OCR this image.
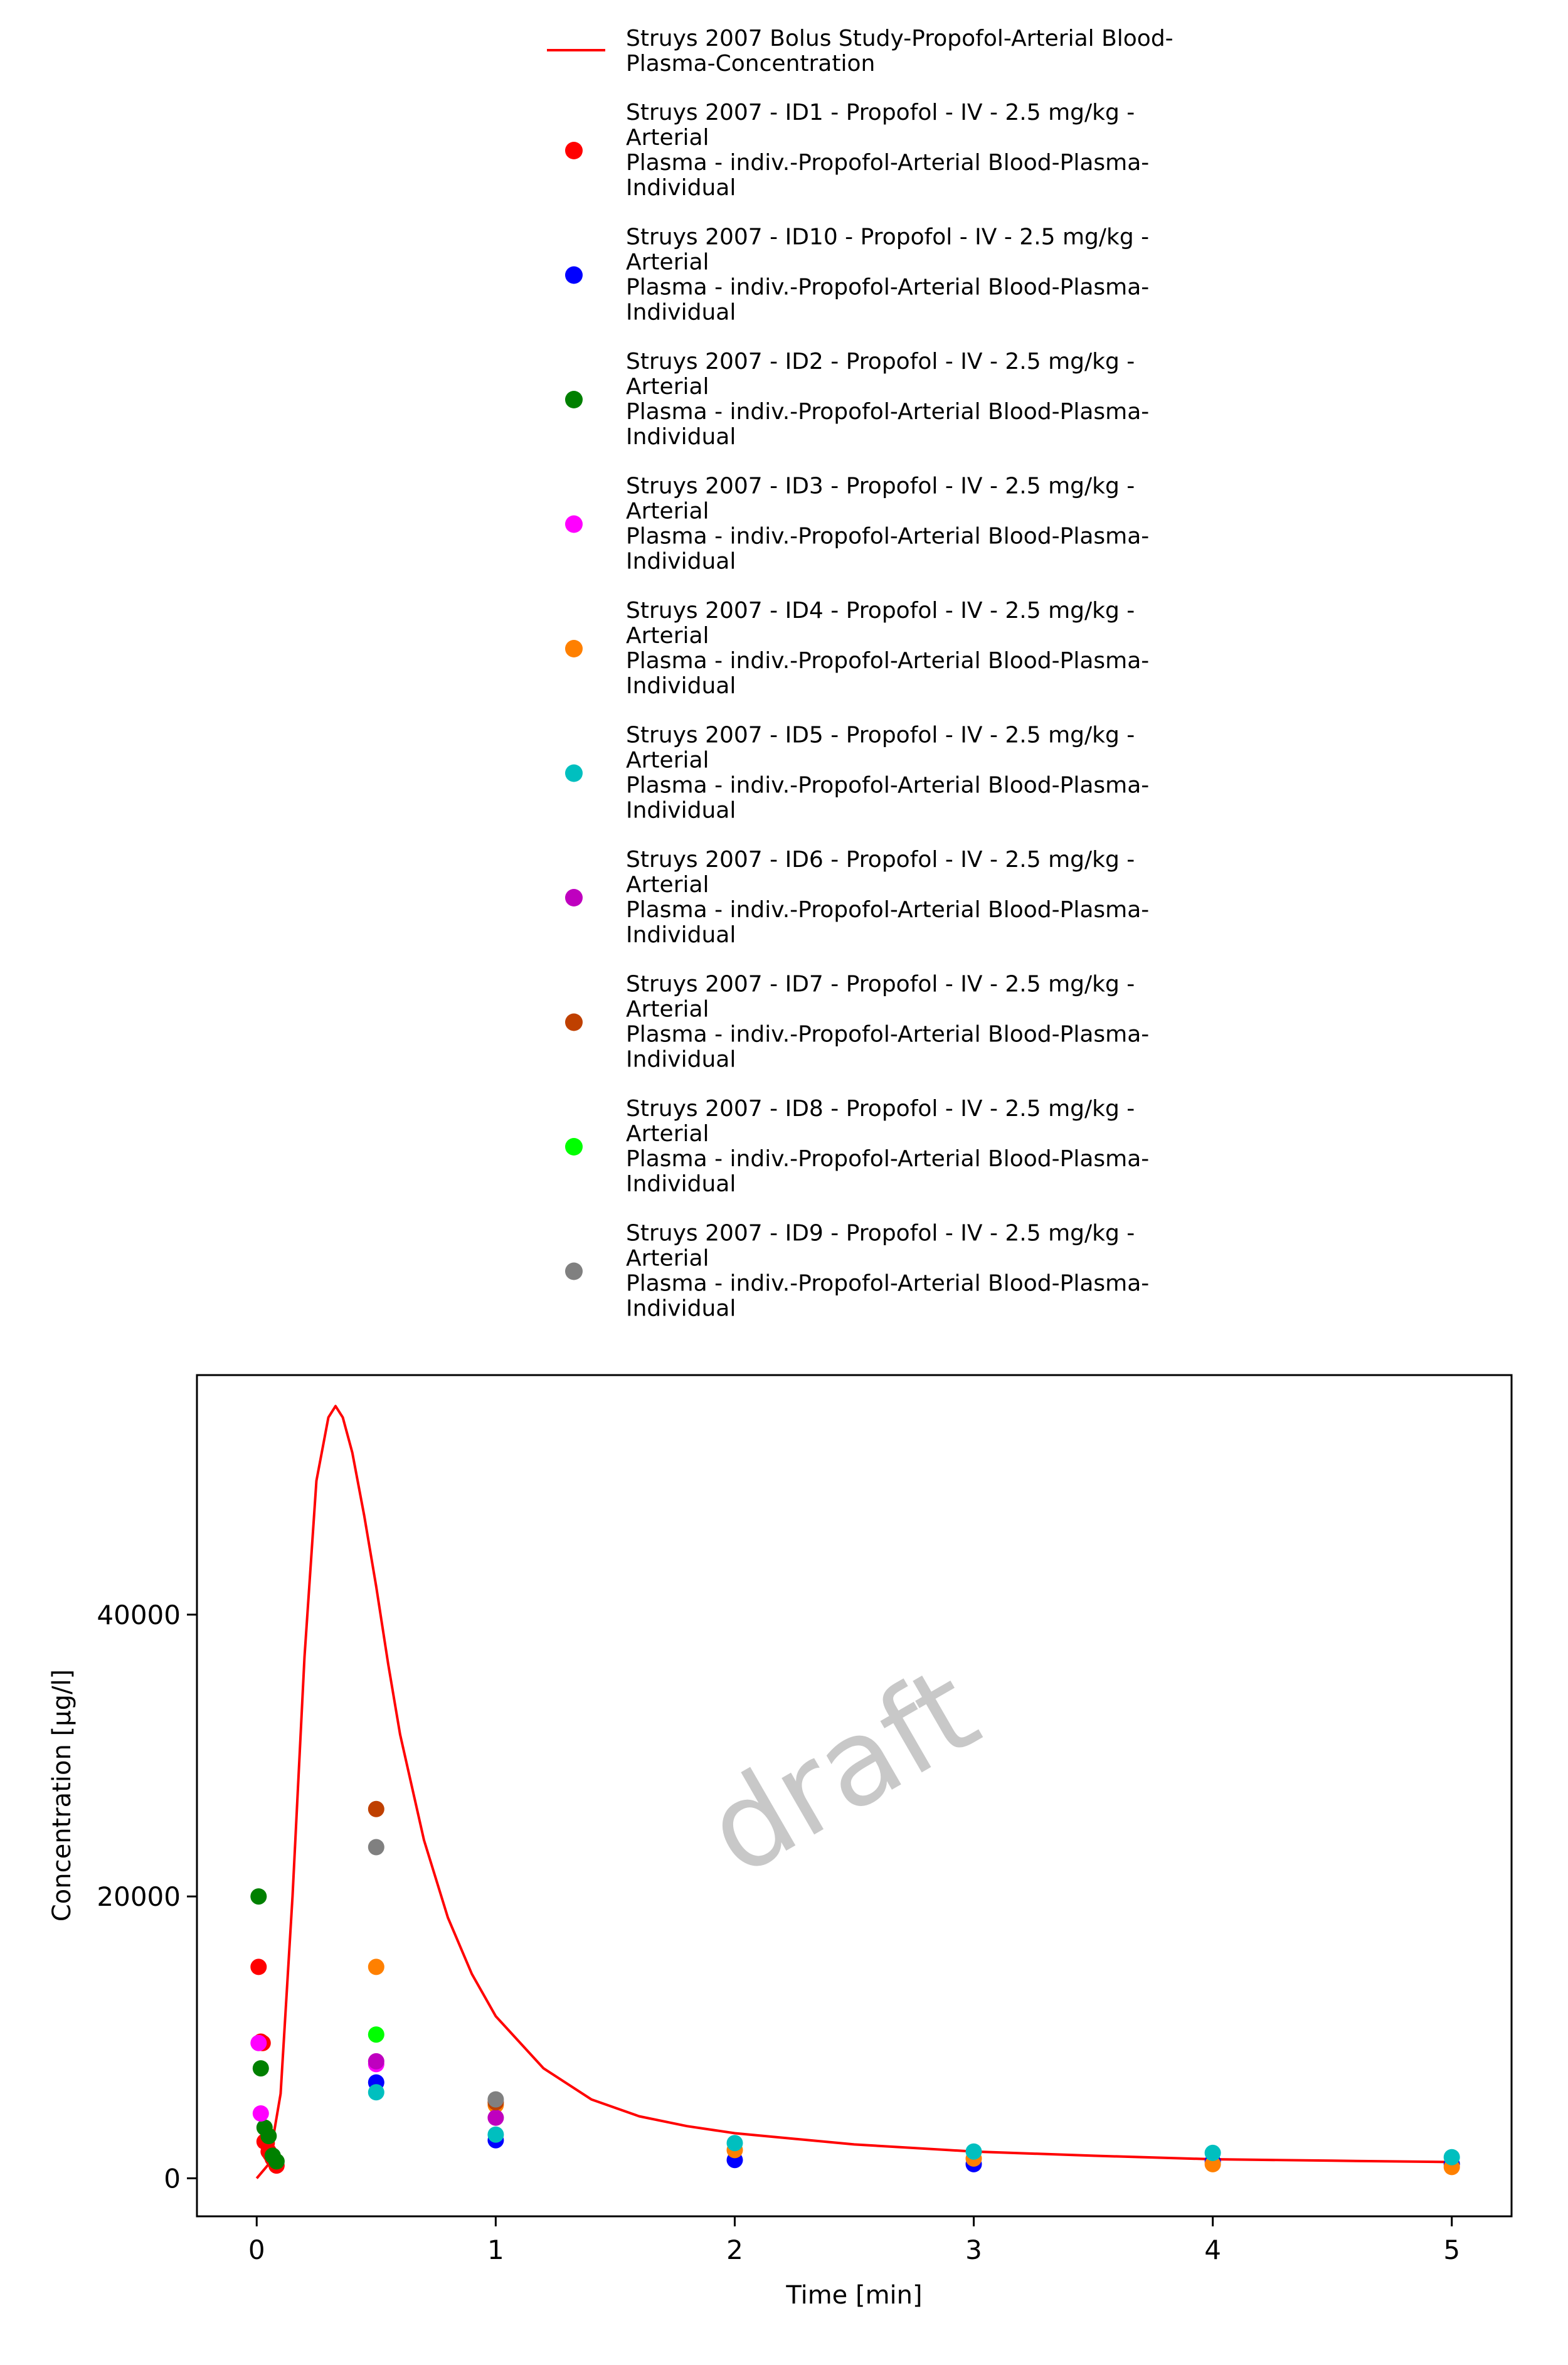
Struys 2007 Bolus Study-Propofol-Arterial Blood-
Plasma-Concentration
Struys 2007 - ID1 - Propofol - IV - 2.5 mg/kg -
Arterial
Plasma - indiv.-Propofol-Arterial Blood-Plasma-
Individual
Struys 2007 - ID10 - Propofol - IV - 2.5 mg/kg -
Arterial
Plasma - indiv.-Propofol-Arterial Blood-Plasma-
Individual
Struys 2007 - ID2 - Propofol - IV - 2.5 mg/kg -
Arterial
Plasma - indiv.-Propofol-Arterial Blood-Plasma-
Individual
Struys 2007 - ID3 - Propofol - IV - 2.5 mg/kg -
Arterial
Plasma - indiv.-Propofol-Arterial Blood-Plasma-
Individual
Struys 2007 - ID4 - Propofol - IV - 2.5 mg/kg -
Arterial
Plasma - indiv.-Propofol-Arterial Blood-Plasma-
Individual
Struys 2007 - ID5 - Propofol - IV - 2.5 mg/kg -
Arterial
Plasma - indiv.-Propofol-Arterial Blood-Plasma-
Individual
Struys 2007 - ID6 - Propofol - IV - 2.5 mg/kg -
Arterial
Plasma - indiv.-Propofol-Arterial Blood-Plasma-
Individual
Struys 2007 - ID7 - Propofol - IV - 2.5 mg/kg -
Arterial
Plasma - indiv.-Propofol-Arterial Blood-Plasma-
Individual
Struys 2007 - ID8 - Propofol - IV - 2.5 mg/kg -
Arterial
Plasma - indiv.-Propofol-Arterial Blood-Plasma-
Individual
Struys 2007 - ID9 - Propofol - IV - 2.5 mg/kg -
Arterial
Plasma - indiv.-Propofol-Arterial Blood-Plasma-
Individual
draft
0	1	2	3	4	5
0
20000
40000
Time [min]
Concentration [µg/l]
